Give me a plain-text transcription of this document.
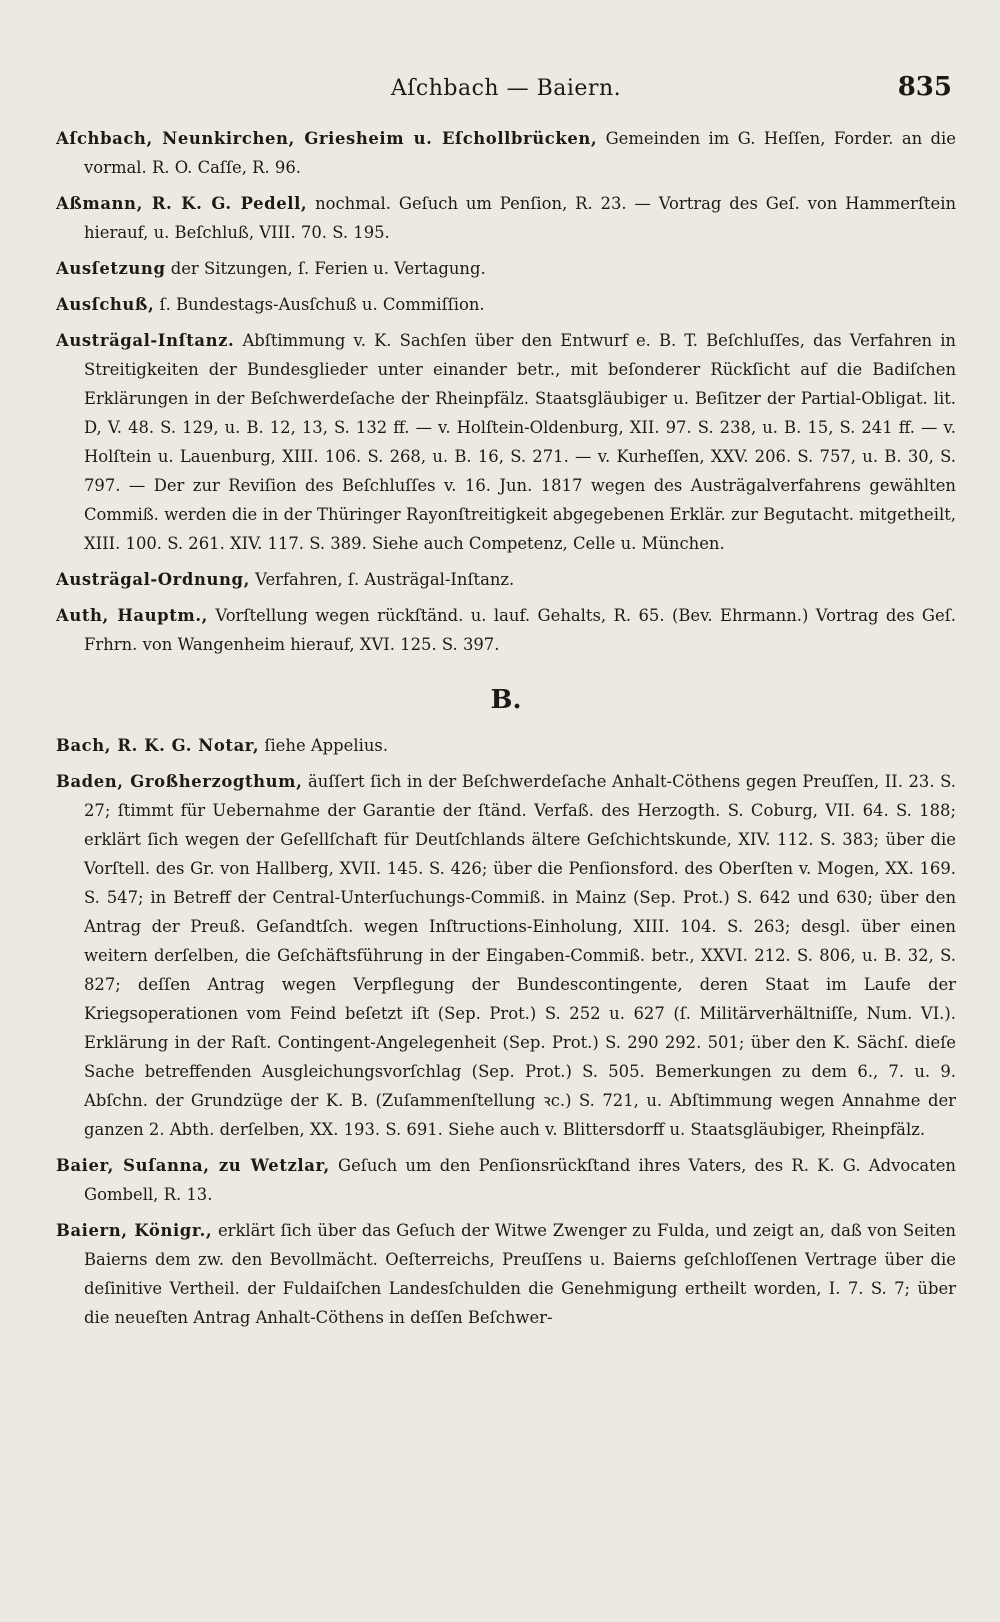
Aſchbach — Baiern.	835

Aſchbach, Neunkirchen, Griesheim u. Eſchollbrücken, Gemeinden im G. Heſſen, Forder. an die vormal. R. O. Caſſe, R. 96.

Aßmann, R. K. G. Pedell, nochmal. Geſuch um Penſion, R. 23. — Vortrag des Geſ. von Hammerſtein hierauf, u. Beſchluß, VIII. 70. S. 195.

Ausſetzung der Sitzungen, ſ. Ferien u. Vertagung.

Ausſchuß, ſ. Bundestags-Ausſchuß u. Commiſſion.

Austrägal-Inſtanz. Abſtimmung v. K. Sachſen über den Entwurf e. B. T. Beſchluſſes, das Verfahren in Streitigkeiten der Bundesglieder unter einander betr., mit beſonderer Rückſicht auf die Badiſchen Erklärungen in der Beſchwerdeſache der Rheinpfälz. Staatsgläubiger u. Beſitzer der Partial-Obligat. lit. D, V. 48. S. 129, u. B. 12, 13, S. 132 ff. — v. Holſtein-Oldenburg, XII. 97. S. 238, u. B. 15, S. 241 ff. — v. Holſtein u. Lauenburg, XIII. 106. S. 268, u. B. 16, S. 271. — v. Kurheſſen, XXV. 206. S. 757, u. B. 30, S. 797. — Der zur Reviſion des Beſchluſſes v. 16. Jun. 1817 wegen des Austrägalverfahrens gewählten Commiß. werden die in der Thüringer Rayonſtreitigkeit abgegebenen Erklär. zur Begutacht. mitgetheilt, XIII. 100. S. 261. XIV. 117. S. 389. Siehe auch Competenz, Celle u. München.

Austrägal-Ordnung, Verfahren, ſ. Austrägal-Inſtanz.

Auth, Hauptm., Vorſtellung wegen rückſtänd. u. lauf. Gehalts, R. 65. (Bev. Ehrmann.) Vortrag des Geſ. Frhrn. von Wangenheim hierauf, XVI. 125. S. 397.

B.

Bach, R. K. G. Notar, ſiehe Appelius.

Baden, Großherzogthum, äuſſert ſich in der Beſchwerdeſache Anhalt-Cöthens gegen Preuſſen, II. 23. S. 27; ſtimmt für Uebernahme der Garantie der ſtänd. Verfaß. des Herzogth. S. Coburg, VII. 64. S. 188; erklärt ſich wegen der Geſellſchaft für Deutſchlands ältere Geſchichtskunde, XIV. 112. S. 383; über die Vorſtell. des Gr. von Hallberg, XVII. 145. S. 426; über die Penſionsford. des Oberſten v. Mogen, XX. 169. S. 547; in Betreff der Central-Unterſuchungs-Commiß. in Mainz (Sep. Prot.) S. 642 und 630; über den Antrag der Preuß. Geſandtſch. wegen Inſtructions-Einholung, XIII. 104. S. 263; desgl. über einen weitern derſelben, die Geſchäftsführung in der Eingaben-Commiß. betr., XXVI. 212. S. 806, u. B. 32, S. 827; deſſen Antrag wegen Verpflegung der Bundescontingente, deren Staat im Laufe der Kriegsoperationen vom Feind beſetzt iſt (Sep. Prot.) S. 252 u. 627 (ſ. Militärverhältniſſe, Num. VI.). Erklärung in der Raſt. Contingent-Angelegenheit (Sep. Prot.) S. 290 292. 501; über den K. Sächſ. dieſe Sache betreffenden Ausgleichungsvorſchlag (Sep. Prot.) S. 505. Bemerkungen zu dem 6., 7. u. 9. Abſchn. der Grundzüge der K. B. (Zuſammenſtellung ꝛc.) S. 721, u. Abſtimmung wegen Annahme der ganzen 2. Abth. derſelben, XX. 193. S. 691. Siehe auch v. Blittersdorff u. Staatsgläubiger, Rheinpfälz.

Baier, Suſanna, zu Wetzlar, Geſuch um den Penſionsrückſtand ihres Vaters, des R. K. G. Advocaten Gombell, R. 13.

Baiern, Königr., erklärt ſich über das Geſuch der Witwe Zwenger zu Fulda, und zeigt an, daß von Seiten Baierns dem zw. den Bevollmächt. Oeſterreichs, Preuſſens u. Baierns geſchloſſenen Vertrage über die deſinitive Vertheil. der Fuldaiſchen Landesſchulden die Genehmigung ertheilt worden, I. 7. S. 7; über die neueſten Antrag Anhalt-Cöthens in deſſen Beſchwer-
